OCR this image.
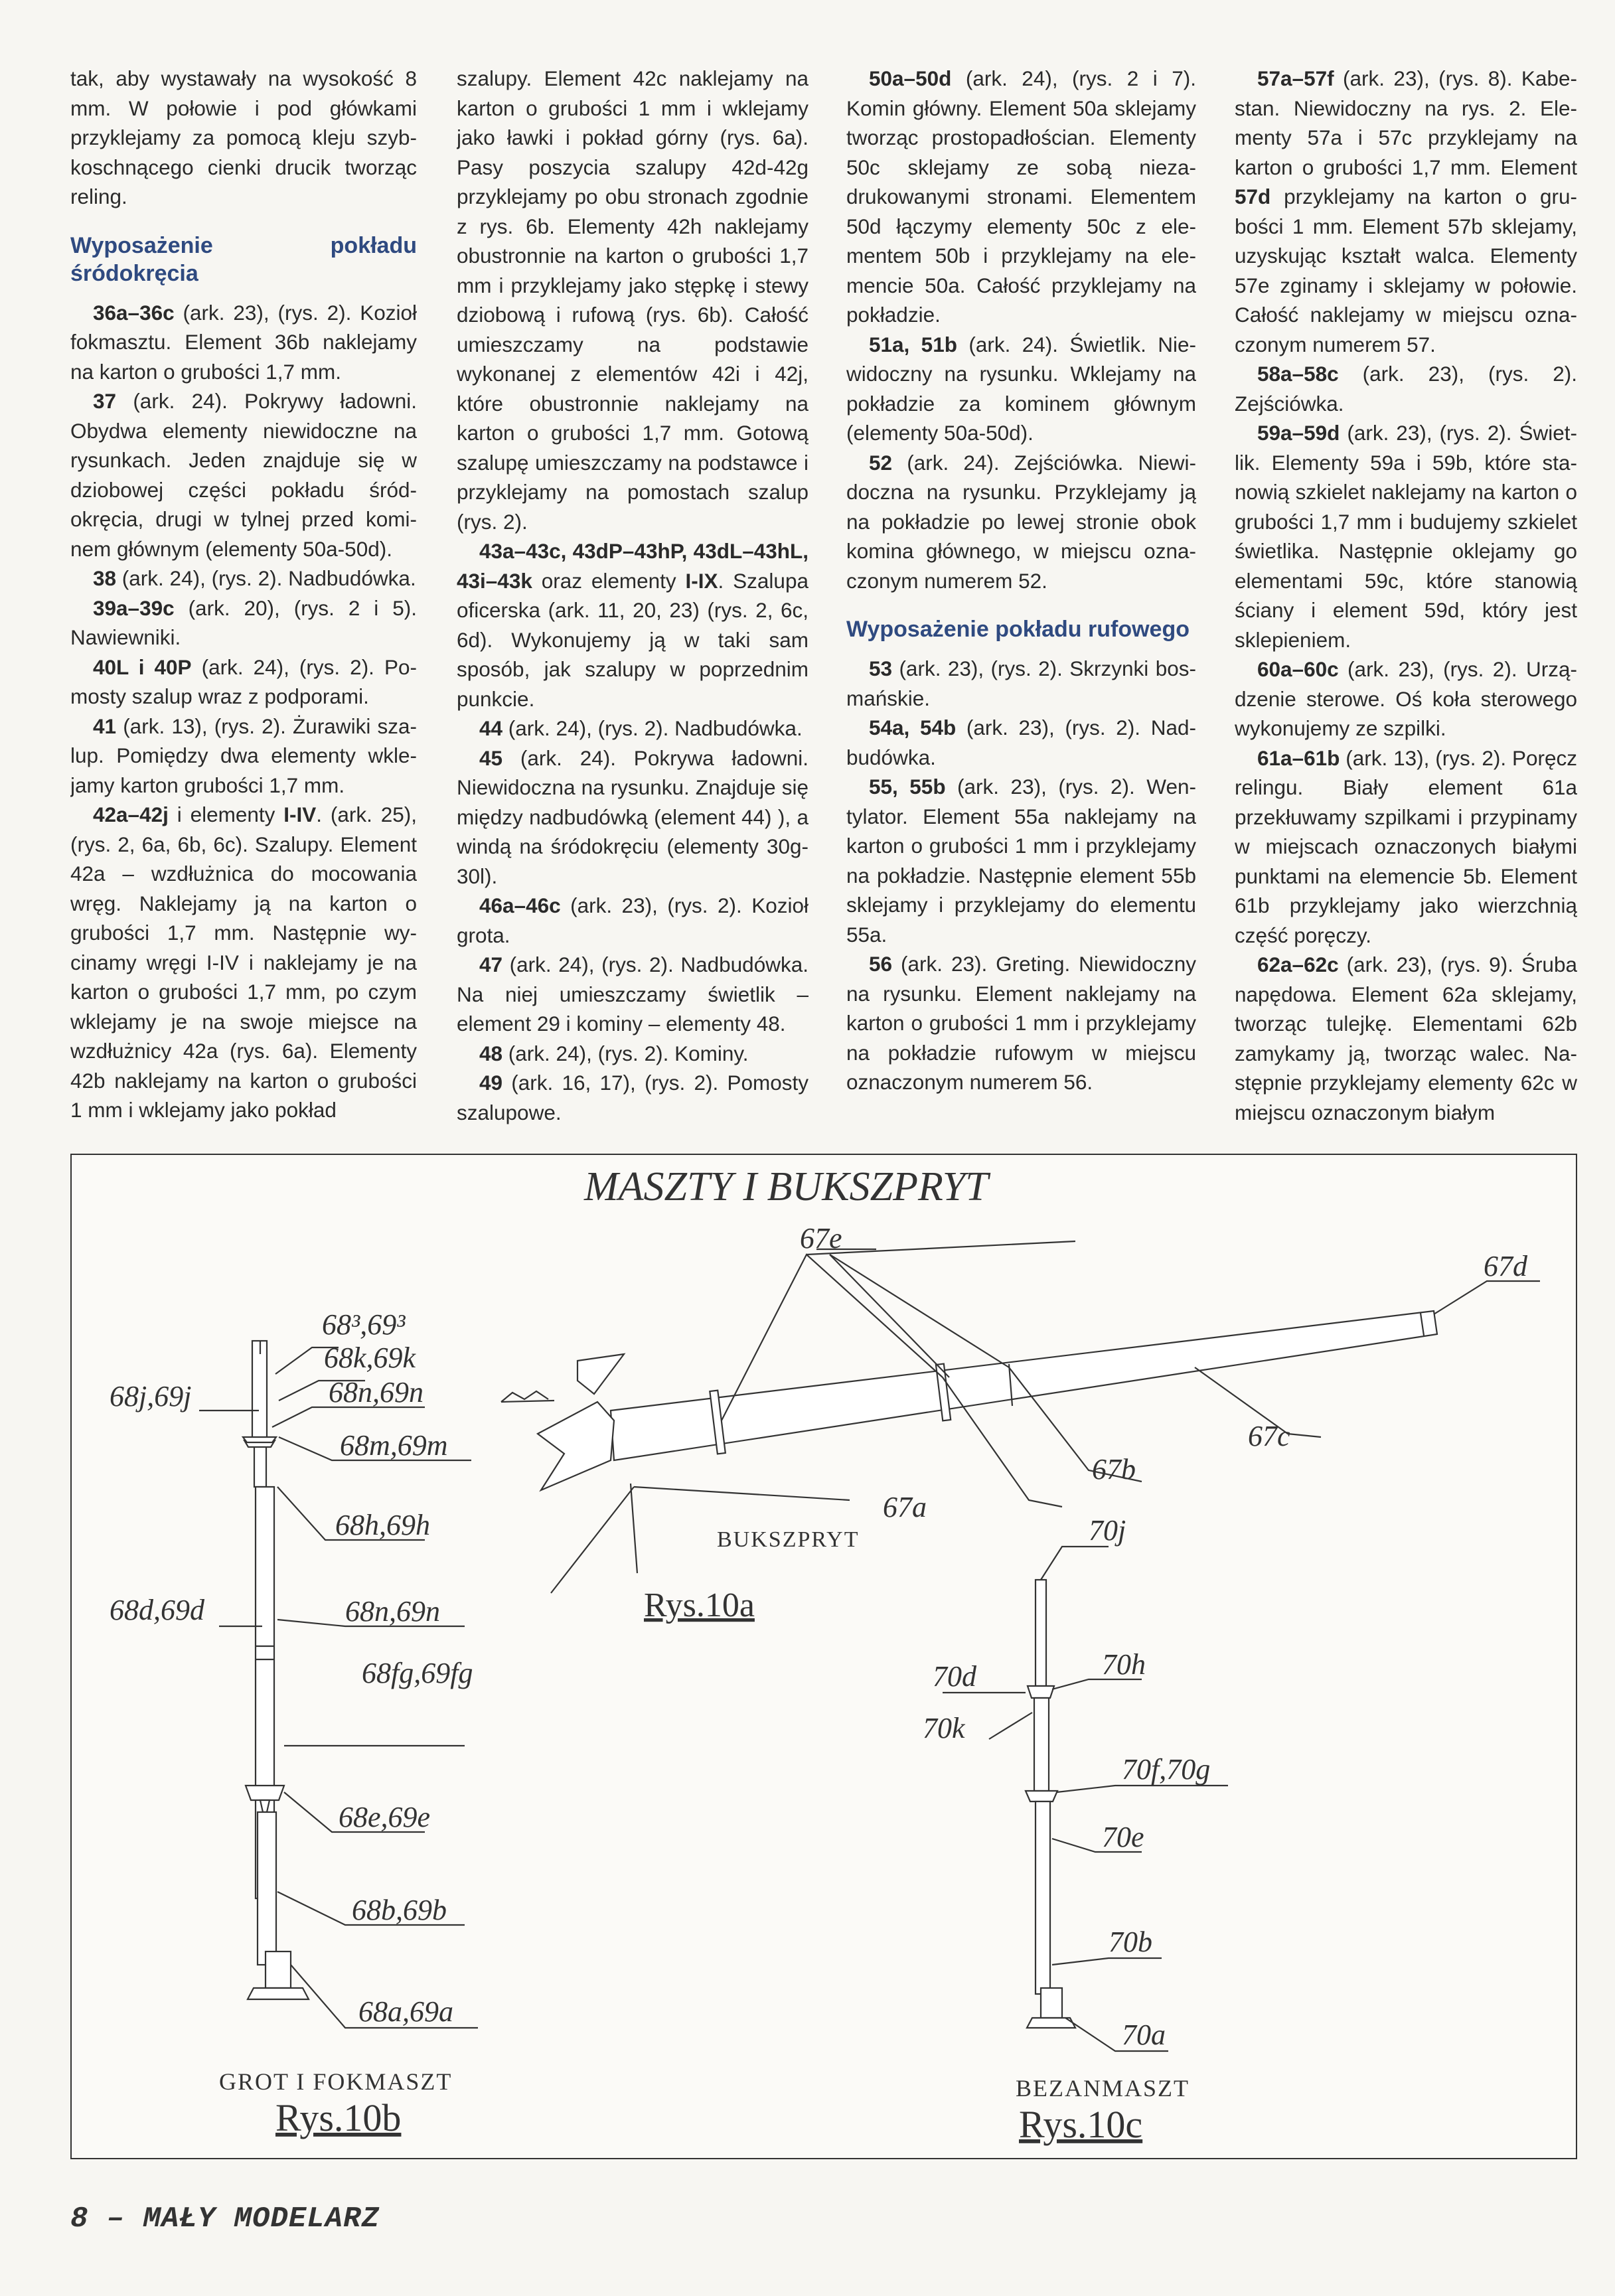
tak, aby wystawały na wysokość 8 mm. W połowie i pod główkami przyklejamy za pomocą kleju szybkoschnącego cienki drucik tworząc reling.

Wyposażenie pokładu śródokręcia

36a–36c (ark. 23), (rys. 2). Kozioł fokmasztu. Element 36b naklejamy na karton o grubości 1,7 mm.

37 (ark. 24). Pokrywy ładowni. Obydwa elementy niewidoczne na rysunkach. Jeden znajduje się w dziobowej części pokładu śródokręcia, drugi w tylnej przed kominem głównym (elementy 50a-50d).

38 (ark. 24), (rys. 2). Nadbudówka.

39a–39c (ark. 20), (rys. 2 i 5). Nawiewniki.

40L i 40P (ark. 24), (rys. 2). Pomosty szalup wraz z podporami.

41 (ark. 13), (rys. 2). Żurawiki szalup. Pomiędzy dwa elementy wklejamy karton grubości 1,7 mm.

42a–42j i elementy I-IV. (ark. 25), (rys. 2, 6a, 6b, 6c). Szalupy. Element 42a – wzdłużnica do mocowania wręg. Naklejamy ją na karton o grubości 1,7 mm. Następnie wycinamy wręgi I-IV i naklejamy je na karton o grubości 1,7 mm, po czym wklejamy je na swoje miejsce na wzdłużnicy 42a (rys. 6a). Elementy 42b naklejamy na karton o grubości 1 mm i wklejamy jako pokład

szalupy. Element 42c naklejamy na karton o grubości 1 mm i wklejamy jako ławki i pokład górny (rys. 6a). Pasy poszycia szalupy 42d-42g przyklejamy po obu stronach zgodnie z rys. 6b. Elementy 42h naklejamy obustronnie na karton o grubości 1,7 mm i przyklejamy jako stępkę i stewy dziobową i rufową (rys. 6b). Całość umieszczamy na podstawie wykonanej z elementów 42i i 42j, które obustronnie naklejamy na karton o grubości 1,7 mm. Gotową szalupę umieszczamy na podstawce i przyklejamy na pomostach szalup (rys. 2).

43a–43c, 43dP–43hP, 43dL–43hL, 43i–43k oraz elementy I-IX. Szalupa oficerska (ark. 11, 20, 23) (rys. 2, 6c, 6d). Wykonujemy ją w taki sam sposób, jak szalupy w poprzednim punkcie.

44 (ark. 24), (rys. 2). Nadbudówka.

45 (ark. 24). Pokrywa ładowni. Niewidoczna na rysunku. Znajduje się między nadbudówką (element 44) ), a windą na śródokręciu (elementy 30g-30l).

46a–46c (ark. 23), (rys. 2). Kozioł grota.

47 (ark. 24), (rys. 2). Nadbudówka. Na niej umieszczamy świetlik – element 29 i kominy – elementy 48.

48 (ark. 24), (rys. 2). Kominy.

49 (ark. 16, 17), (rys. 2). Pomosty szalupowe.

50a–50d (ark. 24), (rys. 2 i 7). Komin główny. Element 50a sklejamy tworząc prostopadłościan. Elementy 50c sklejamy ze sobą niezadrukowanymi stronami. Elementem 50d łączymy elementy 50c z elementem 50b i przyklejamy na elemencie 50a. Całość przyklejamy na pokładzie.

51a, 51b (ark. 24). Świetlik. Niewidoczny na rysunku. Wklejamy na pokładzie za kominem głównym (elementy 50a-50d).

52 (ark. 24). Zejściówka. Niewidoczna na rysunku. Przyklejamy ją na pokładzie po lewej stronie obok komina głównego, w miejscu oznaczonym numerem 52.

Wyposażenie pokładu rufowego

53 (ark. 23), (rys. 2). Skrzynki bosmańskie.

54a, 54b (ark. 23), (rys. 2). Nadbudówka.

55, 55b (ark. 23), (rys. 2). Wentylator. Element 55a naklejamy na karton o grubości 1 mm i przyklejamy na pokładzie. Następnie element 55b sklejamy i przyklejamy do elementu 55a.

56 (ark. 23). Greting. Niewidoczny na rysunku. Element naklejamy na karton o grubości 1 mm i przyklejamy na pokładzie rufowym w miejscu oznaczonym numerem 56.

57a–57f (ark. 23), (rys. 8). Kabestan. Niewidoczny na rys. 2. Elementy 57a i 57c przyklejamy na karton o grubości 1,7 mm. Element 57d przyklejamy na karton o grubości 1 mm. Element 57b sklejamy, uzyskując kształt walca. Elementy 57e zginamy i sklejamy w połowie. Całość naklejamy w miejscu oznaczonym numerem 57.

58a–58c (ark. 23), (rys. 2). Zejściówka.

59a–59d (ark. 23), (rys. 2). Świetlik. Elementy 59a i 59b, które stanowią szkielet naklejamy na karton o grubości 1,7 mm i budujemy szkielet świetlika. Następnie oklejamy go elementami 59c, które stanowią ściany i element 59d, który jest sklepieniem.

60a–60c (ark. 23), (rys. 2). Urządzenie sterowe. Oś koła sterowego wykonujemy ze szpilki.

61a–61b (ark. 13), (rys. 2). Poręcz relingu. Biały element 61a przekłuwamy szpilkami i przypinamy w miejscach oznaczonych białymi punktami na elemencie 5b. Element 61b przyklejamy jako wierzchnią część poręczy.

62a–62c (ark. 23), (rys. 9). Śruba napędowa. Element 62a sklejamy, tworząc tulejkę. Elementami 62b zamykamy ją, tworząc walec. Następnie przyklejamy elementy 62c w miejscu oznaczonym białym

MASZTY I BUKSZPRYT
67e
67d
67c
67b
67a
BUKSZPRYT
Rys.10a
68³,69³
68k,69k
68n,69n
68j,69j
68m,69m
68h,69h
68d,69d	68n,69n
68fg,69fg
68e,69e
68b,69b
68a,69a
GROT I FOKMASZT
Rys.10b
70j
70h
70d
70k
70f,70g
70e
70b
70a
BEZANMASZT
Rys.10c
8 – MAŁY MODELARZ
